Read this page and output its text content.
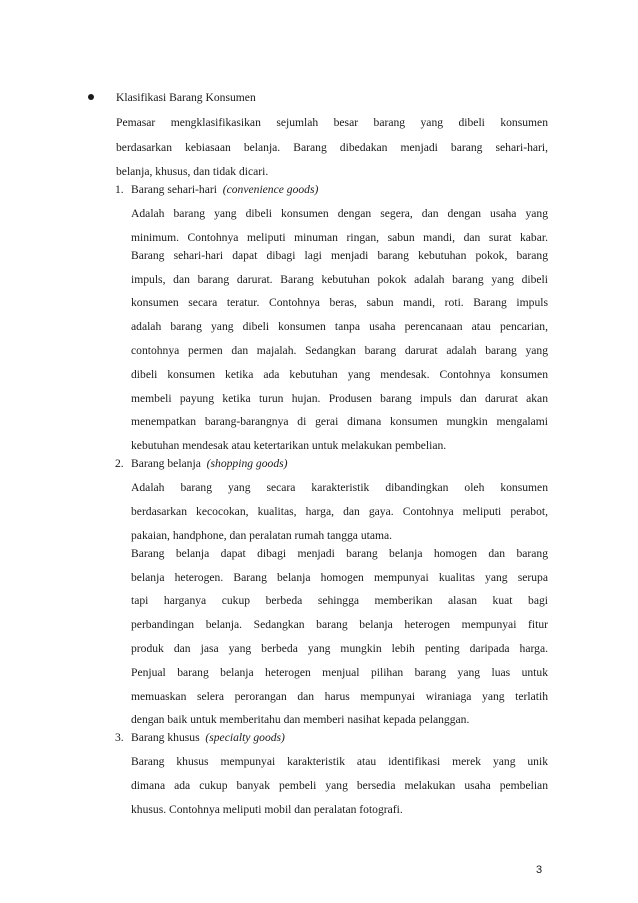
Klasifikasi Barang Konsumen
Pemasar mengklasifikasikan sejumlah besar barang yang dibeli konsumen
berdasarkan kebiasaan belanja. Barang dibedakan menjadi barang sehari-hari,
belanja, khusus, dan tidak dicari.
1. Barang sehari-hari (convenience goods)
Adalah barang yang dibeli konsumen dengan segera, dan dengan usaha yang
minimum. Contohnya meliputi minuman ringan, sabun mandi, dan surat kabar.
Barang sehari-hari dapat dibagi lagi menjadi barang kebutuhan pokok, barang
impuls, dan barang darurat. Barang kebutuhan pokok adalah barang yang dibeli
konsumen secara teratur. Contohnya beras, sabun mandi, roti. Barang impuls
adalah barang yang dibeli konsumen tanpa usaha perencanaan atau pencarian,
contohnya permen dan majalah. Sedangkan barang darurat adalah barang yang
dibeli konsumen ketika ada kebutuhan yang mendesak. Contohnya konsumen
membeli payung ketika turun hujan. Produsen barang impuls dan darurat akan
menempatkan barang-barangnya di gerai dimana konsumen mungkin mengalami
kebutuhan mendesak atau ketertarikan untuk melakukan pembelian.
2. Barang belanja (shopping goods)
Adalah barang yang secara karakteristik dibandingkan oleh konsumen
berdasarkan kecocokan, kualitas, harga, dan gaya. Contohnya meliputi perabot,
pakaian, handphone, dan peralatan rumah tangga utama.
Barang belanja dapat dibagi menjadi barang belanja homogen dan barang
belanja heterogen. Barang belanja homogen mempunyai kualitas yang serupa
tapi harganya cukup berbeda sehingga memberikan alasan kuat bagi
perbandingan belanja. Sedangkan barang belanja heterogen mempunyai fitur
produk dan jasa yang berbeda yang mungkin lebih penting daripada harga.
Penjual barang belanja heterogen menjual pilihan barang yang luas untuk
memuaskan selera perorangan dan harus mempunyai wiraniaga yang terlatih
dengan baik untuk memberitahu dan memberi nasihat kepada pelanggan.
3. Barang khusus (specialty goods)
Barang khusus mempunyai karakteristik atau identifikasi merek yang unik
dimana ada cukup banyak pembeli yang bersedia melakukan usaha pembelian
khusus. Contohnya meliputi mobil dan peralatan fotografi.
3
